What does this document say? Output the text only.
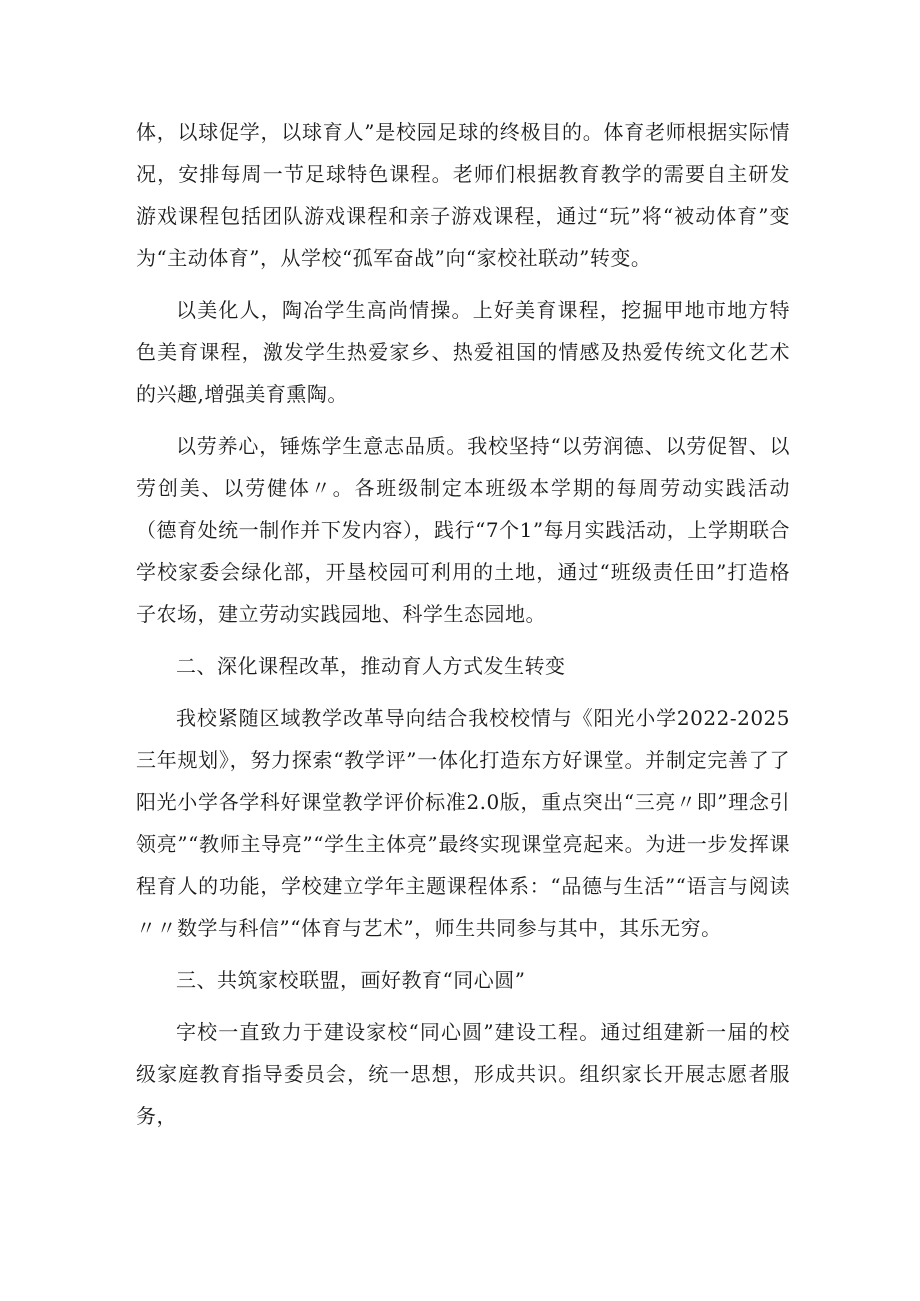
体，以球促学，以球育人”是校园足球的终极目的。体育老师根据实际情况，安排每周一节足球特色课程。老师们根据教育教学的需要自主研发游戏课程包括团队游戏课程和亲子游戏课程，通过“玩”将“被动体育”变为“主动体育”，从学校“孤军奋战”向“家校社联动”转变。

以美化人，陶冶学生高尚情操。上好美育课程，挖掘甲地市地方特色美育课程，激发学生热爱家乡、热爱祖国的情感及热爱传统文化艺术的兴趣,增强美育熏陶。

以劳养心，锤炼学生意志品质。我校坚持“以劳润德、以劳促智、以劳创美、以劳健体〃。各班级制定本班级本学期的每周劳动实践活动（德育处统一制作并下发内容），践行“7个1”每月实践活动，上学期联合学校家委会绿化部，开垦校园可利用的土地，通过“班级责任田”打造格子农场，建立劳动实践园地、科学生态园地。

二、深化课程改革，推动育人方式发生转变

我校紧随区域教学改革导向结合我校校情与《阳光小学2022-2025三年规划》，努力探索“教学评”一体化打造东方好课堂。并制定完善了了阳光小学各学科好课堂教学评价标准2.0版，重点突出“三亮〃即”理念引领亮”“教师主导亮”“学生主体亮”最终实现课堂亮起来。为进一步发挥课程育人的功能，学校建立学年主题课程体系：“品德与生活”“语言与阅读〃〃数学与科信”“体育与艺术”，师生共同参与其中，其乐无穷。

三、共筑家校联盟，画好教育“同心圆”

字校一直致力于建设家校“同心圆”建设工程。通过组建新一届的校级家庭教育指导委员会，统一思想，形成共识。组织家长开展志愿者服务，
